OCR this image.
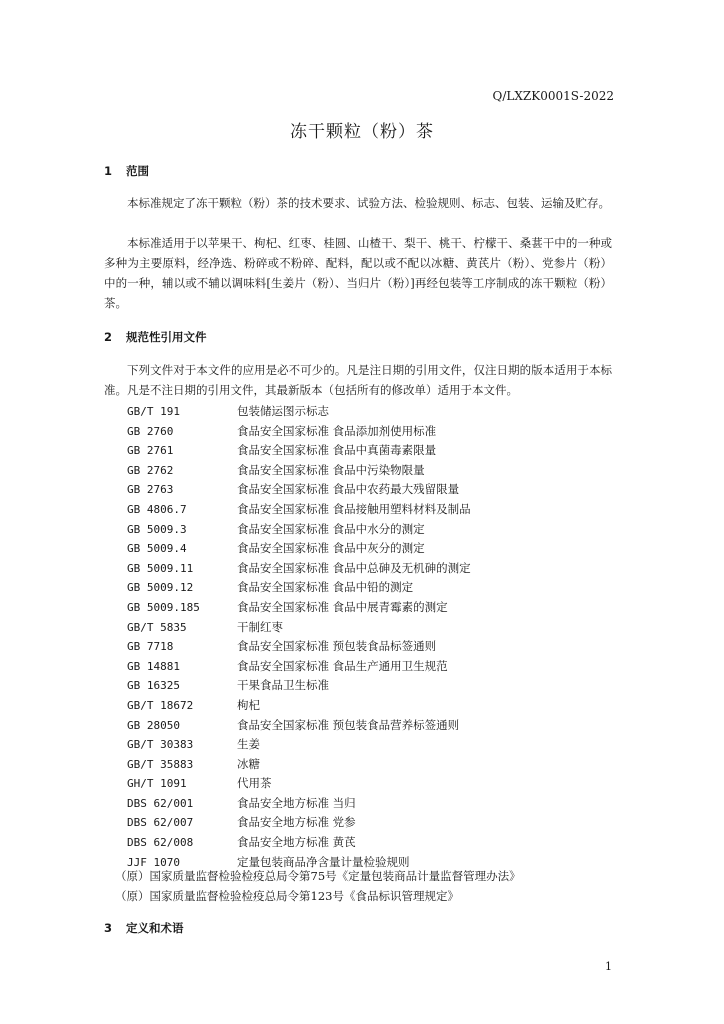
Q/LXZK0001S-2022
冻干颗粒（粉）茶
1 范围

本标准规定了冻干颗粒（粉）茶的技术要求、试验方法、检验规则、标志、包装、运输及贮存。

本标准适用于以苹果干、枸杞、红枣、桂圆、山楂干、梨干、桃干、柠檬干、桑葚干中的一种或多种为主要原料，经净选、粉碎或不粉碎、配料，配以或不配以冰糖、黄芪片（粉）、党参片（粉）中的一种，辅以或不辅以调味料[生姜片（粉）、当归片（粉）]再经包装等工序制成的冻干颗粒（粉）茶。

2 规范性引用文件

下列文件对于本文件的应用是必不可少的。凡是注日期的引用文件，仅注日期的版本适用于本标准。凡是不注日期的引用文件，其最新版本（包括所有的修改单）适用于本文件。

GB/T 191	包装储运图示标志
GB 2760	食品安全国家标准 食品添加剂使用标准
GB 2761	食品安全国家标准 食品中真菌毒素限量
GB 2762	食品安全国家标准 食品中污染物限量
GB 2763	食品安全国家标准 食品中农药最大残留限量
GB 4806.7	食品安全国家标准 食品接触用塑料材料及制品
GB 5009.3	食品安全国家标准 食品中水分的测定
GB 5009.4	食品安全国家标准 食品中灰分的测定
GB 5009.11	食品安全国家标准 食品中总砷及无机砷的测定
GB 5009.12	食品安全国家标准 食品中铅的测定
GB 5009.185	食品安全国家标准 食品中展青霉素的测定
GB/T 5835	干制红枣
GB 7718	食品安全国家标准 预包装食品标签通则
GB 14881	食品安全国家标准 食品生产通用卫生规范
GB 16325	干果食品卫生标准
GB/T 18672	枸杞
GB 28050	食品安全国家标准 预包装食品营养标签通则
GB/T 30383	生姜
GB/T 35883	冰糖
GH/T 1091	代用茶
DBS 62/001	食品安全地方标准 当归
DBS 62/007	食品安全地方标准 党参
DBS 62/008	食品安全地方标准 黄芪
JJF 1070	定量包装商品净含量计量检验规则
（原）国家质量监督检验检疫总局令第75号《定量包装商品计量监督管理办法》
（原）国家质量监督检验检疫总局令第123号《食品标识管理规定》
3 定义和术语
1
